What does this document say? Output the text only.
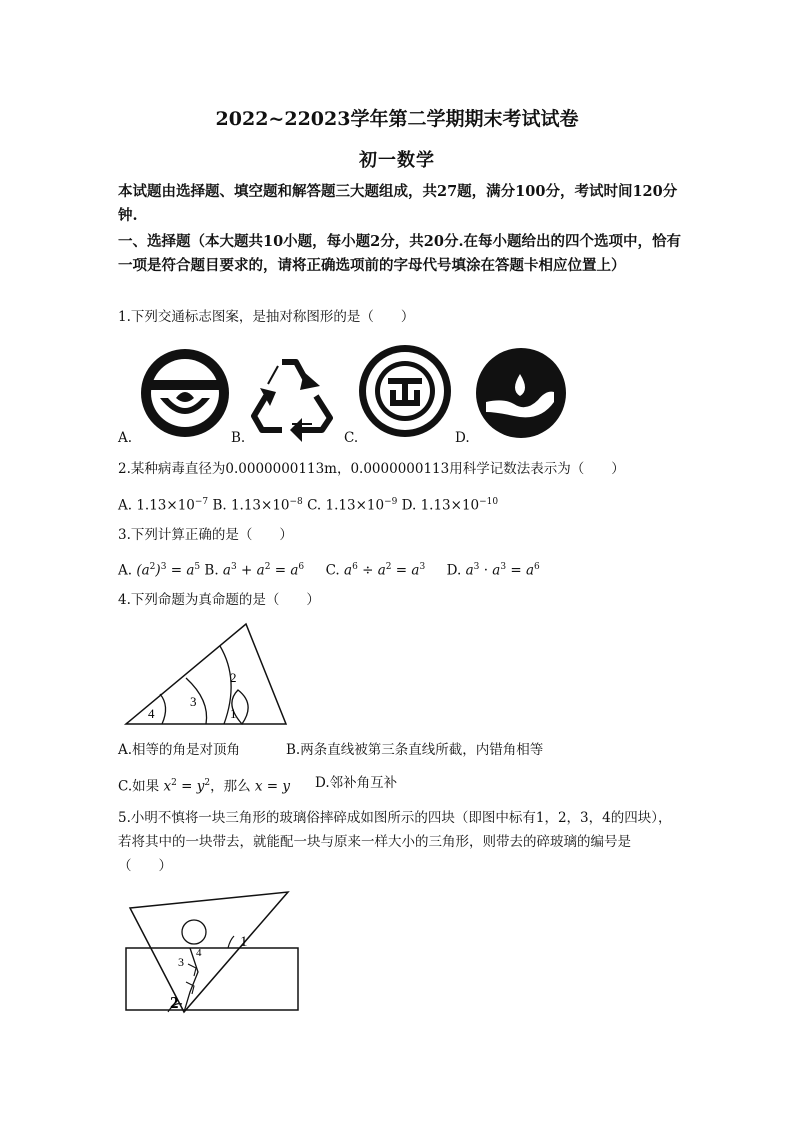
2022~22023学年第二学期期末考试试卷
初一数学
本试题由选择题、填空题和解答题三大题组成，共27题，满分100分，考试时间120分钟.
一、选择题（本大题共10小题，每小题2分，共20分.在每小题给出的四个选项中，恰有一项是符合题目要求的，请将正确选项前的字母代号填涂在答题卡相应位置上）
1.下列交通标志图案，是抽对称图形的是（　　）
A.	B.	C.	D.
2.某种病毒直径为0.0000000113m，0.0000000113用科学记数法表示为（　　）
A. $1.13\times 10^{-7}$ B. $1.13\times 10^{-8}$ C. $1.13\times 10^{-9}$ D. $1.13\times 10^{-10}$
3.下列计算正确的是（　　）
A. $(a^2)^3 = a^5$ B. $a^3 + a^2 = a^6$     C. $a^6 \div a^2 = a^3$     D. $a^3 \cdot a^3 = a^6$
4.下列命题为真命题的是（　　）
4
3
2
1
A.相等的角是对顶角	B.两条直线被第三条直线所截，内错角相等
C.如果 $x^2 = y^2$，那么 x = y D.邻补角互补
5.小明不慎将一块三角形的玻璃俗摔碎成如图所示的四块（即图中标有1，2，3，4的四块），若将其中的一块带去，就能配一块与原来一样大小的三角形，则带去的碎玻璃的编号是（　　）
1
2
3
4
